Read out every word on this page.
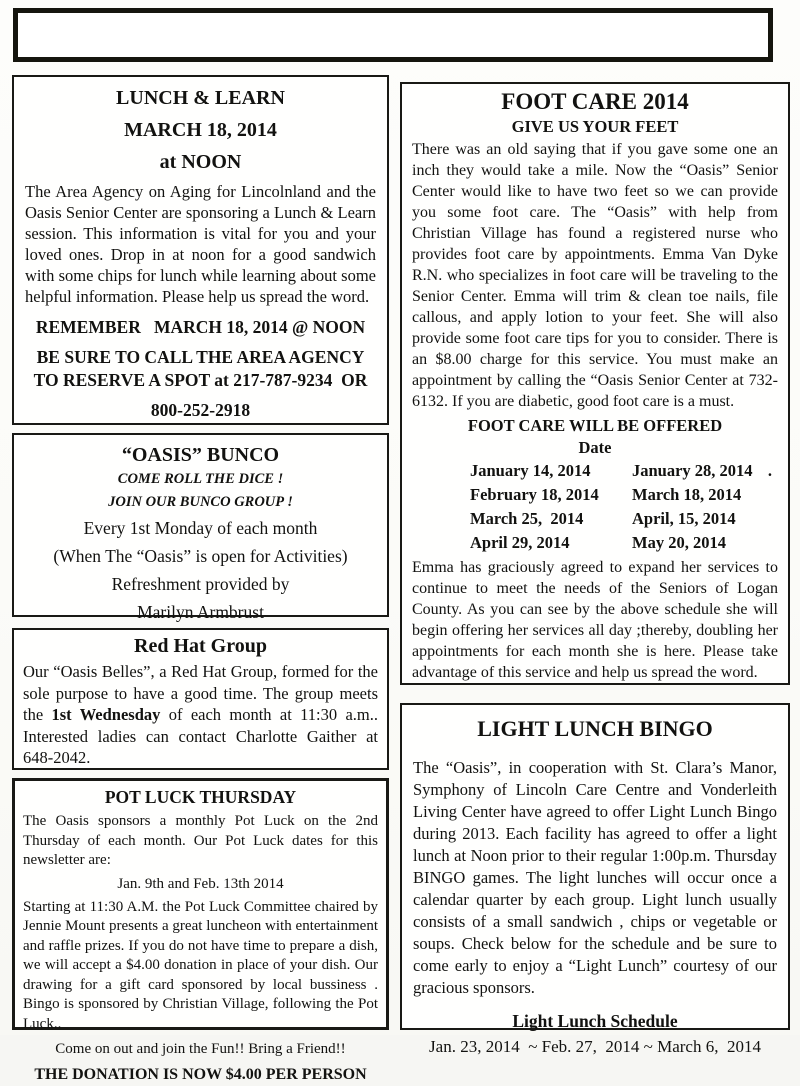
LUNCH & LEARN
MARCH 18, 2014
at NOON

The Area Agency on Aging for Lincolnland and the Oasis Senior Center are sponsoring a Lunch & Learn session. This information is vital for you and your loved ones. Drop in at noon for a good sandwich with some chips for lunch while learning about some helpful information. Please help us spread the word.

REMEMBER   MARCH 18, 2014 @ NOON

BE SURE TO CALL THE AREA AGENCY TO RESERVE A SPOT at 217-787-9234  OR

800-252-2918

“OASIS” BUNCO

COME ROLL THE DICE !

JOIN OUR BUNCO GROUP !

Every 1st Monday of each month

(When The “Oasis” is open for Activities)

Refreshment provided by

Marilyn Armbrust

Red Hat Group

Our “Oasis Belles”, a Red Hat Group, formed for the sole purpose to have a good time. The group meets the 1st Wednesday of each month at 11:30 a.m.. Interested ladies can contact Charlotte Gaither at 648-2042.

POT LUCK THURSDAY

The Oasis sponsors a monthly Pot Luck on the 2nd Thursday of each month. Our Pot Luck dates for this newsletter are:

Jan. 9th and Feb. 13th 2014

Starting at 11:30 A.M. the Pot Luck Committee chaired by Jennie Mount presents a great luncheon with entertainment and raffle prizes. If you do not have time to prepare a dish, we will accept a $4.00 donation in place of your dish. Our drawing for a gift card sponsored by local bussiness . Bingo is sponsored by Christian Village, following the Pot Luck..

Come on out and join the Fun!! Bring a Friend!!

THE DONATION IS NOW $4.00 PER PERSON

FOOT CARE 2014
GIVE US YOUR FEET

There was an old saying that if you gave some one an inch they would take a mile. Now the “Oasis” Senior Center would like to have two feet so we can provide you some foot care. The “Oasis” with help from Christian Village has found a registered nurse who provides foot care by appointments. Emma Van Dyke R.N. who specializes in foot care will be traveling to the Senior Center. Emma will trim & clean toe nails, file callous, and apply lotion to your feet. She will also provide some foot care tips for you to consider. There is an $8.00 charge for this service. You must make an appointment by calling the “Oasis Senior Center at 732-6132. If you are diabetic, good foot care is a must.

FOOT CARE WILL BE OFFERED
Date
January 14, 2014	January 28, 2014 .
February 18, 2014	March 18, 2014
March 25,  2014	April, 15, 2014
April 29, 2014	May 20, 2014

Emma has graciously agreed to expand her services to continue to meet the needs of the Seniors of Logan County. As you can see by the above schedule she will begin offering her services all day ;thereby, doubling her appointments for each month she is here. Please take advantage of this service and help us spread the word.

LIGHT LUNCH BINGO

The “Oasis”, in cooperation with St. Clara’s Manor, Symphony of Lincoln Care Centre and Vonderleith Living Center have agreed to offer Light Lunch Bingo during 2013. Each facility has agreed to offer a light lunch at Noon prior to their regular 1:00p.m. Thursday BINGO games. The light lunches will occur once a calendar quarter by each group. Light lunch usually consists of a small sandwich , chips or vegetable or soups. Check below for the schedule and be sure to come early to enjoy a “Light Lunch” courtesy of our gracious sponsors.

Light Lunch Schedule

Jan. 23, 2014  ~ Feb. 27,  2014 ~ March 6,  2014
